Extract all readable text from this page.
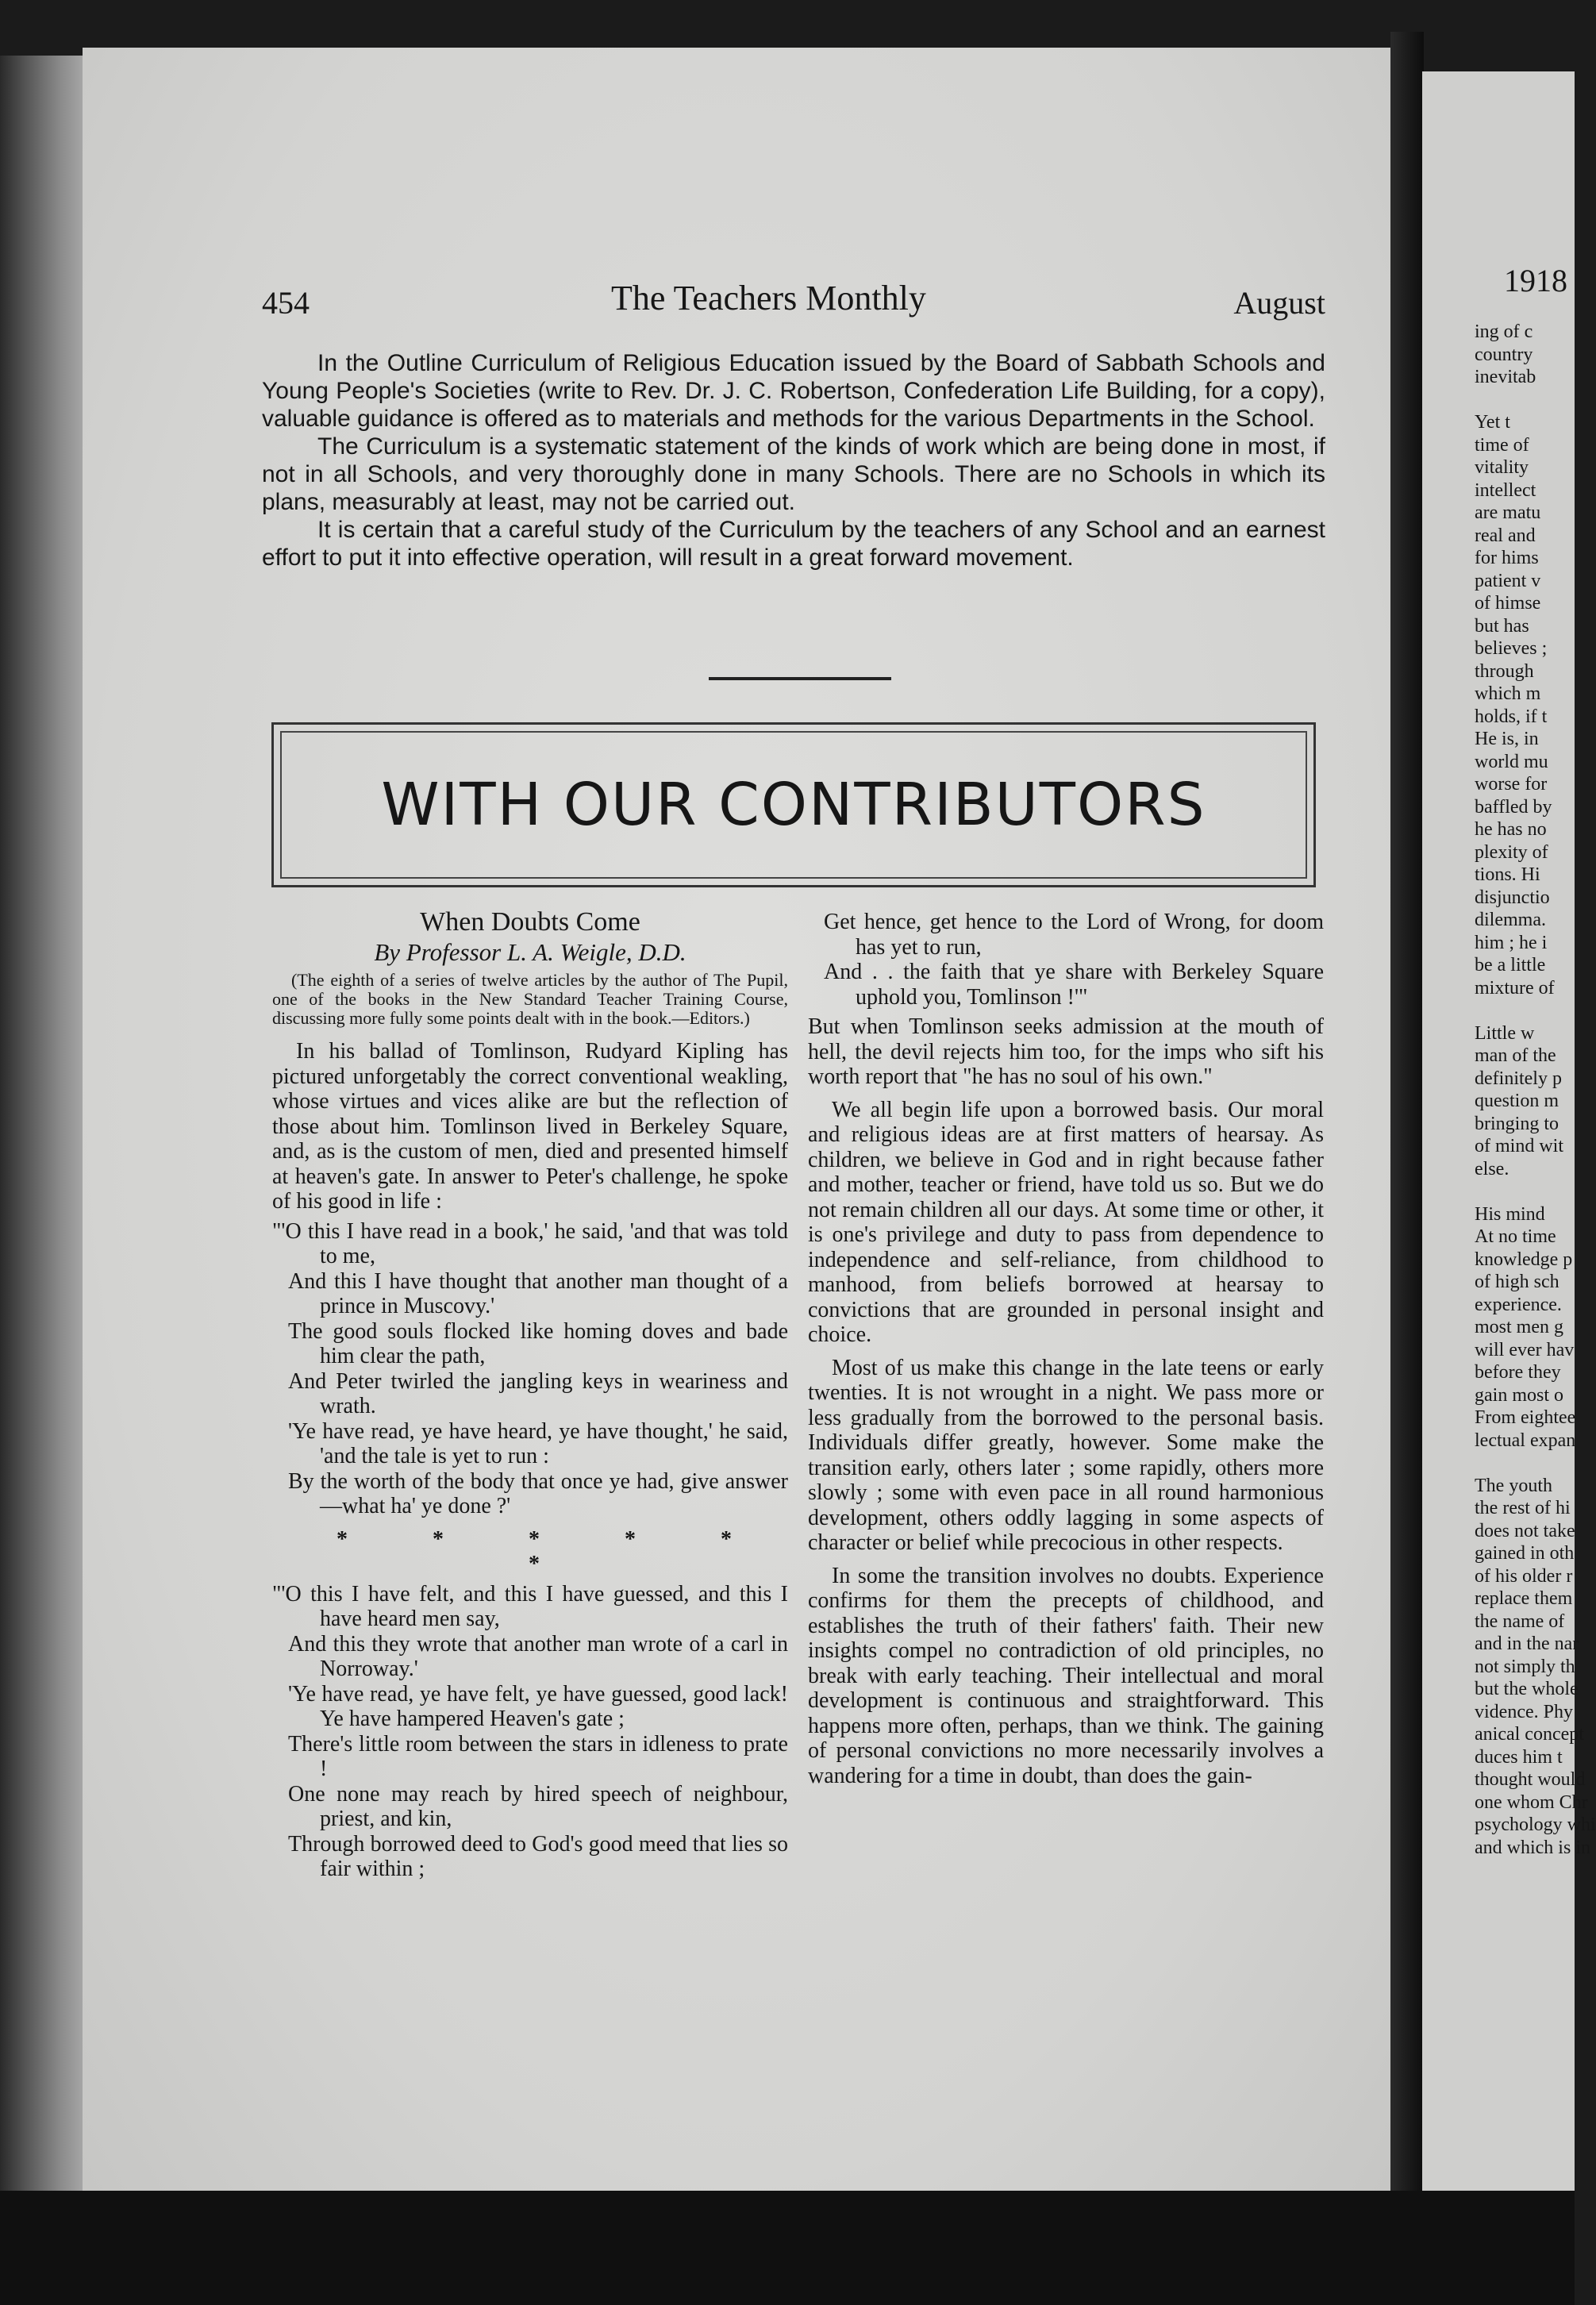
454	The Teachers Monthly	August

In the Outline Curriculum of Religious Education issued by the Board of Sabbath Schools and Young People's Societies (write to Rev. Dr. J. C. Robertson, Confederation Life Building, for a copy), valuable guidance is offered as to materials and methods for the various Departments in the School.

The Curriculum is a systematic statement of the kinds of work which are being done in most, if not in all Schools, and very thoroughly done in many Schools. There are no Schools in which its plans, measurably at least, may not be carried out.

It is certain that a careful study of the Curriculum by the teachers of any School and an earnest effort to put it into effective operation, will result in a great forward movement.

WITH OUR CONTRIBUTORS
When Doubts Come
By Professor L. A. Weigle, D.D.
(The eighth of a series of twelve articles by the author of The Pupil, one of the books in the New Standard Teacher Training Course, discussing more fully some points dealt with in the book.—Editors.)
In his ballad of Tomlinson, Rudyard Kipling has pictured unforgetably the correct conventional weakling, whose virtues and vices alike are but the reflection of those about him. Tomlinson lived in Berkeley Square, and, as is the custom of men, died and presented himself at heaven's gate. In answer to Peter's challenge, he spoke of his good in life :
"'O this I have read in a book,' he said, 'and that was told to me,
And this I have thought that another man thought of a prince in Muscovy.'
The good souls flocked like homing doves and bade him clear the path,
And Peter twirled the jangling keys in weariness and wrath.
'Ye have read, ye have heard, ye have thought,' he said, 'and the tale is yet to run :
By the worth of the body that once ye had, give answer—what ha' ye done ?'
* * * * * *
"'O this I have felt, and this I have guessed, and this I have heard men say,
And this they wrote that another man wrote of a carl in Norroway.'
'Ye have read, ye have felt, ye have guessed, good lack! Ye have hampered Heaven's gate ;
There's little room between the stars in idleness to prate !
One none may reach by hired speech of neighbour, priest, and kin,
Through borrowed deed to God's good meed that lies so fair within ;
Get hence, get hence to the Lord of Wrong, for doom has yet to run,
And . . the faith that ye share with Berkeley Square uphold you, Tomlinson !'"
But when Tomlinson seeks admission at the mouth of hell, the devil rejects him too, for the imps who sift his worth report that "he has no soul of his own."
We all begin life upon a borrowed basis. Our moral and religious ideas are at first matters of hearsay. As children, we believe in God and in right because father and mother, teacher or friend, have told us so. But we do not remain children all our days. At some time or other, it is one's privilege and duty to pass from dependence to independence and self-reliance, from childhood to manhood, from beliefs borrowed at hearsay to convictions that are grounded in personal insight and choice.
Most of us make this change in the late teens or early twenties. It is not wrought in a night. We pass more or less gradually from the borrowed to the personal basis. Individuals differ greatly, however. Some make the transition early, others later ; some rapidly, others more slowly ; some with even pace in all round harmonious development, others oddly lagging in some aspects of character or belief while precocious in other respects.
In some the transition involves no doubts. Experience confirms for them the precepts of childhood, and establishes the truth of their fathers' faith. Their new insights compel no contradiction of old principles, no break with early teaching. Their intellectual and moral development is continuous and straightforward. This happens more often, perhaps, than we think. The gaining of personal convictions no more necessarily involves a wandering for a time in doubt, than does the gain-
1918
ing of c
country
inevitab
Yet t
time of
vitality
intellect
are matu
real and
for hims
patient v
of himse
but has
believes ;
through
which m
holds, if t
He is, in
world mu
worse for
baffled by
he has no
plexity of
tions. Hi
disjunctio
dilemma.
him ; he i
be a little
mixture of
Little w
man of the
definitely p
question m
bringing to
of mind wit
else.
His mind
At no time
knowledge p
of high sch
experience.
most men g
will ever hav
before they
gain most o
From eightee
lectual expan
The youth
the rest of hi
does not take
gained in oth
of his older r
replace them
the name of
and in the nar
not simply th
but the whole
vidence. Phy
anical concept
duces him t
thought would
one whom Chr
psychology whi
and which is in
